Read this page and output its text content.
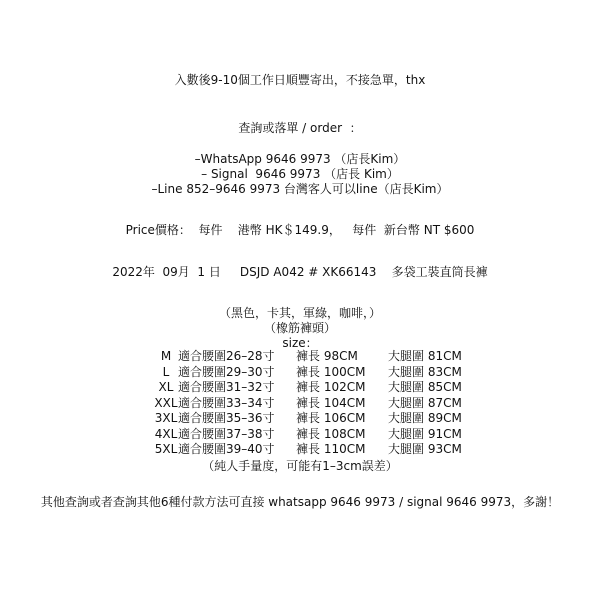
入數後9-10個工作日順豐寄出，不接急單，thx
查詢或落單 / order  ：
–WhatsApp 9646 9973 （店長Kim）
– Signal  9646 9973 （店長 Kim）
–Line 852–9646 9973 台灣客人可以line（店長Kim）
Price價格：  每件    港幣 HK＄149.9，   每件  新台幣 NT $600
2022年  09月  1 日     DSJD A042 # XK66143    多袋工裝直筒長褲
（黑色，卡其，軍綠，咖啡，）
（橡筋褲頭）
size：

M

適合腰圍26–28寸

褲長 98CM

	大腿圍 81CM

L

適合腰圍29–30寸

褲長 100CM

大腿圍 83CM

XL

適合腰圍31–32寸

褲長 102CM

大腿圍 85CM

XXL

適合腰圍33–34寸

褲長 104CM

大腿圍 87CM

3XL

適合腰圍35–36寸

褲長 106CM

大腿圍 89CM

4XL

適合腰圍37–38寸

褲長 108CM

大腿圍 91CM

5XL

適合腰圍39–40寸

褲長 110CM

大腿圍 93CM

（純人手量度，可能有1–3cm誤差）
其他查詢或者查詢其他6種付款方法可直接 whatsapp 9646 9973 / signal 9646 9973，多謝！
